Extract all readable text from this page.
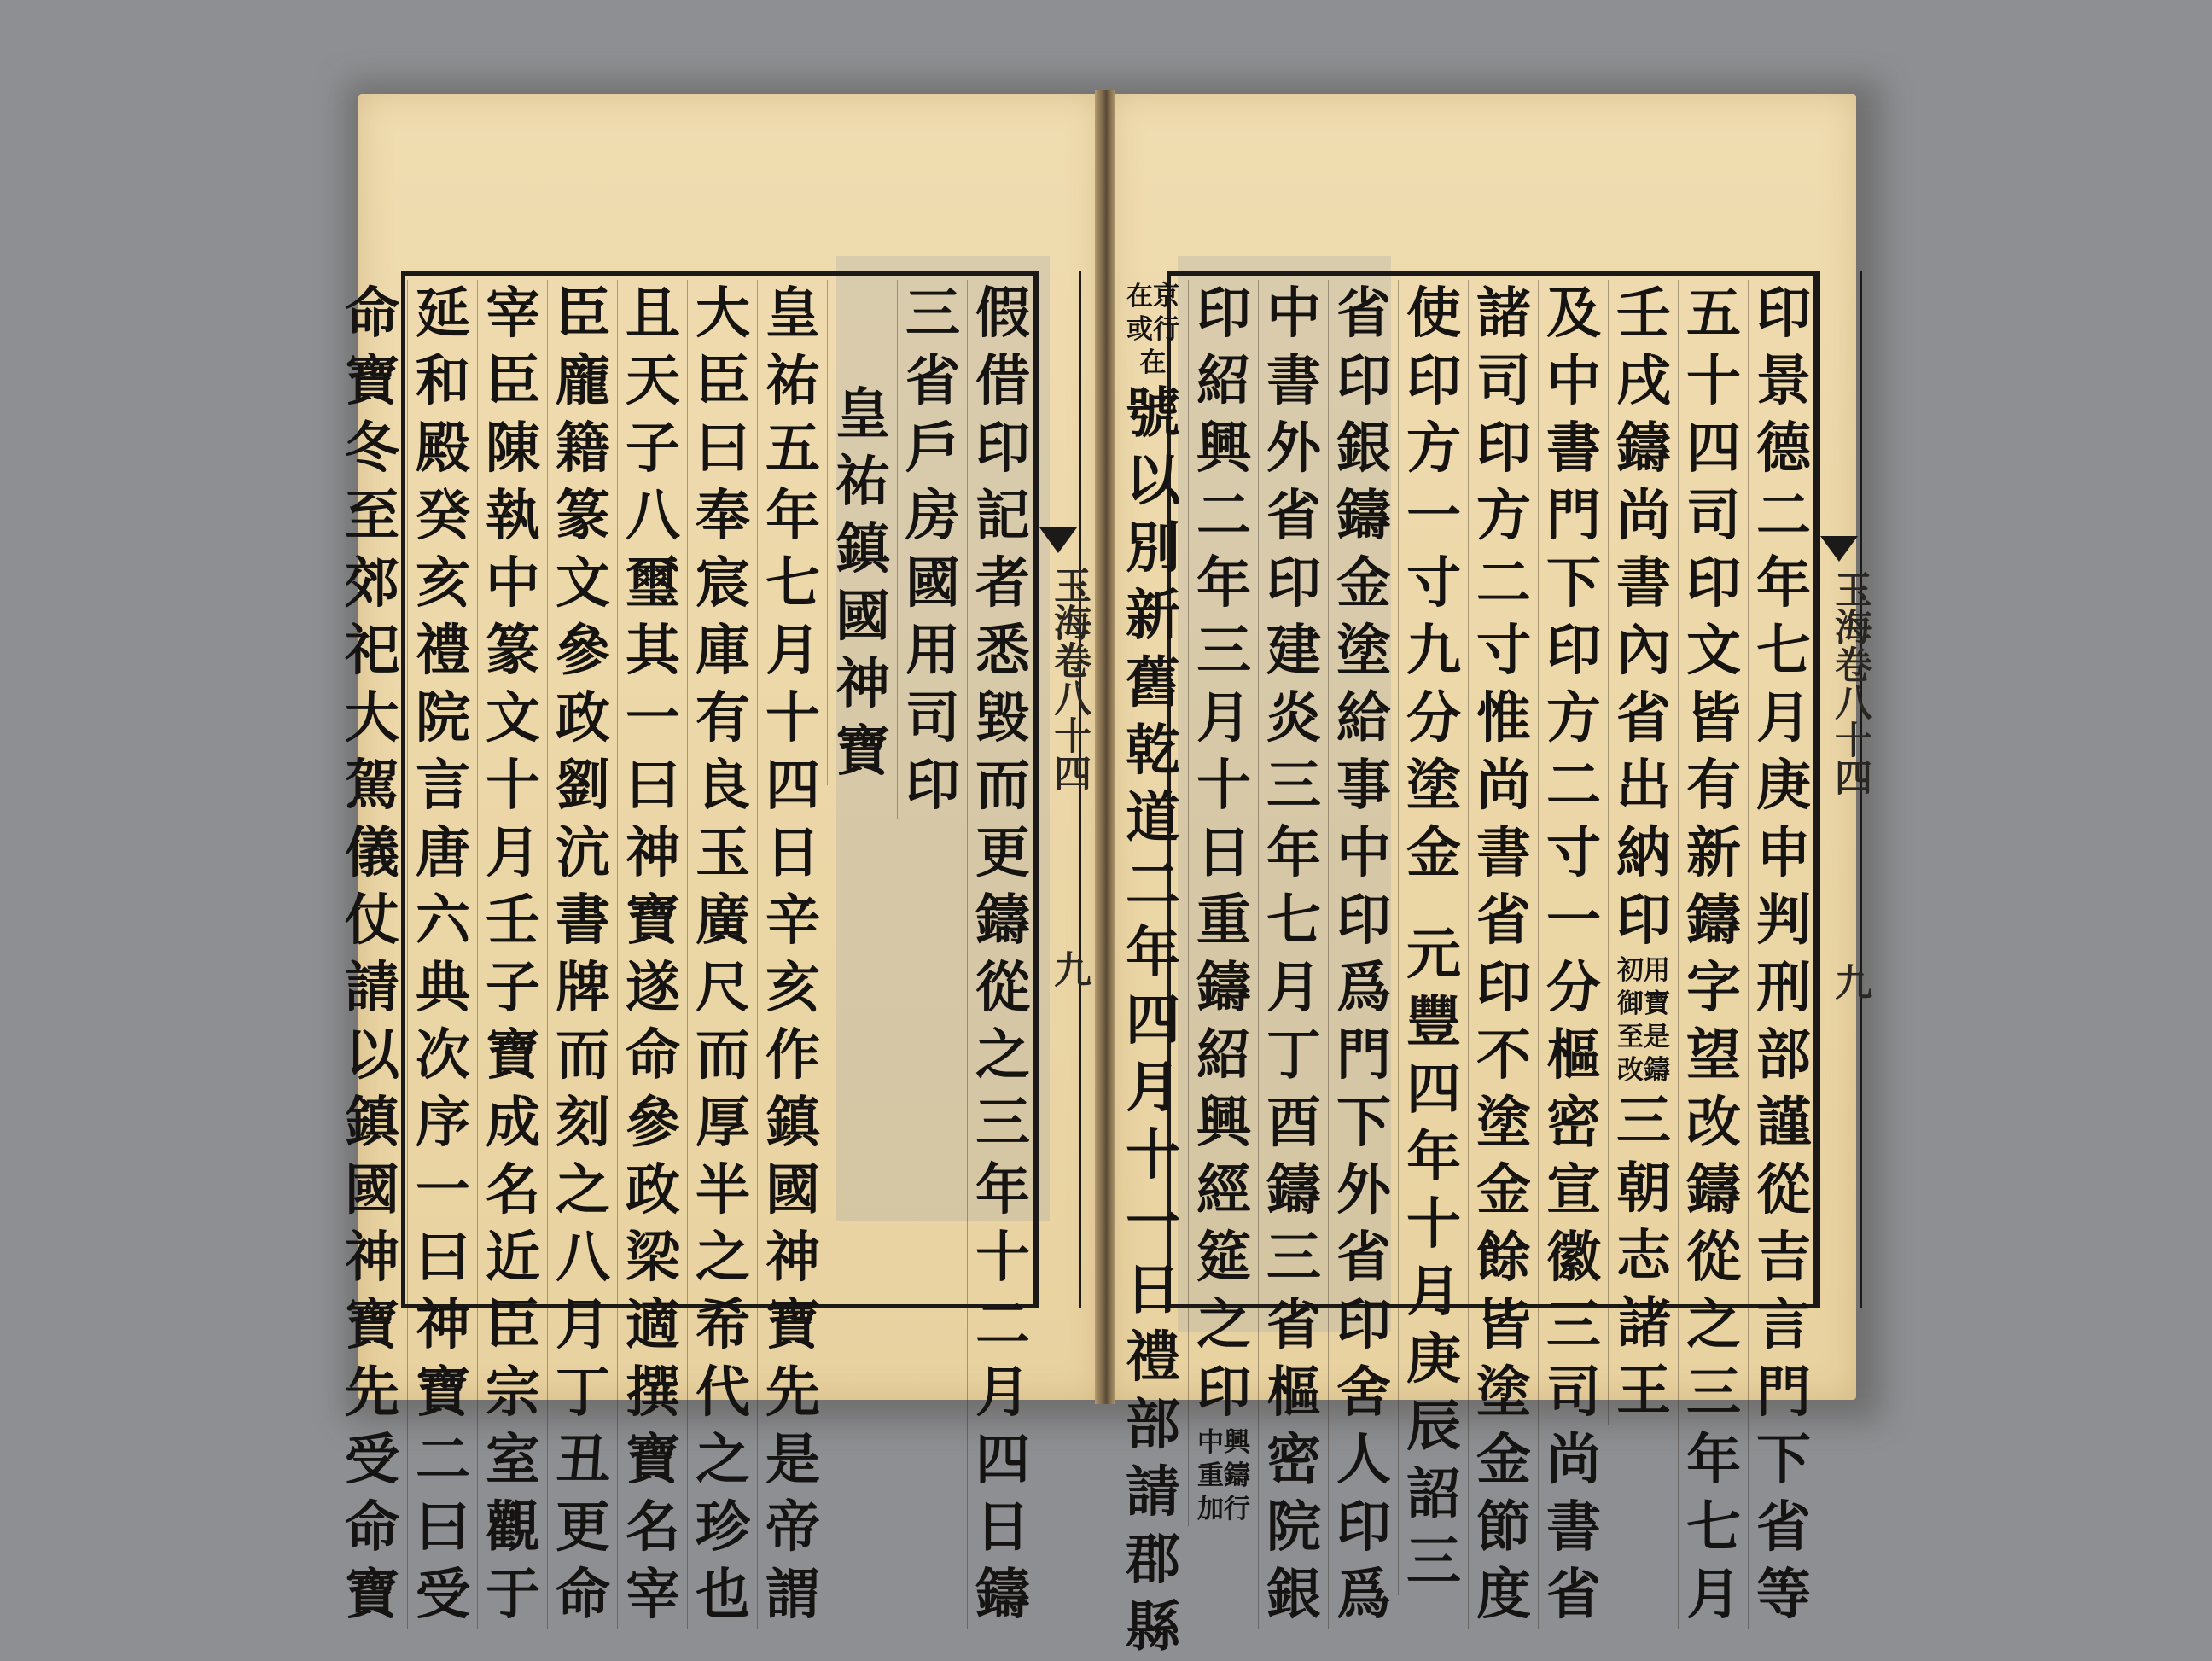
玉海卷八十四
九
玉海卷八十四
九
假
借
印
記
者
悉
毀
而
更
鑄
從
之
三
年
十
二
月
四
日
鑄
三
省
戶
房
國
用
司
印
皇
祐
鎮
國
神
寶
皇
祐
五
年
七
月
十
四
日
辛
亥
作
鎮
國
神
寶
先
是
帝
謂
大
臣
曰
奉
宸
庫
有
良
玉
廣
尺
而
厚
半
之
希
代
之
珍
也
且
天
子
八
璽
其
一
曰
神
寶
遂
命
參
政
梁
適
撰
寶
名
宰
臣
龐
籍
篆
文
參
政
劉
沆
書
牌
而
刻
之
八
月
丁
丑
更
命
宰
臣
陳
執
中
篆
文
十
月
壬
子
寶
成
名
近
臣
宗
室
觀
于
延
和
殿
癸
亥
禮
院
言
唐
六
典
次
序
一
曰
神
寶
二
曰
受
命
寶
冬
至
郊
祀
大
駕
儀
仗
請
以
鎮
國
神
寶
先
受
命
寶
印
景
德
二
年
七
月
庚
申
判
刑
部
謹
從
吉
言
門
下
省
等
五
十
四
司
印
文
皆
有
新
鑄
字
望
改
鑄
從
之
三
年
七
月
壬
戌
鑄
尚
書
內
省
出
納
印
初用御寶至是改鑄
三
朝
志
諸
王
及
中
書
門
下
印
方
二
寸
一
分
樞
密
宣
徽
三
司
尚
書
省
諸
司
印
方
二
寸
惟
尚
書
省
印
不
塗
金
餘
皆
塗
金
節
度
使
印
方
一
寸
九
分
塗
金
元
豐
四
年
十
月
庚
辰
詔
三
省
印
銀
鑄
金
塗
給
事
中
印
爲
門
下
外
省
印
舍
人
印
爲
中
書
外
省
印
建
炎
三
年
七
月
丁
酉
鑄
三
省
樞
密
院
銀
印
紹
興
二
年
三
月
十
日
重
鑄
紹
興
經
筵
之
印
中興重鑄加行
在京或行在
號
以
別
新
舊
乾
道
二
年
四
月
十
一
日
禮
部
請
郡
縣
